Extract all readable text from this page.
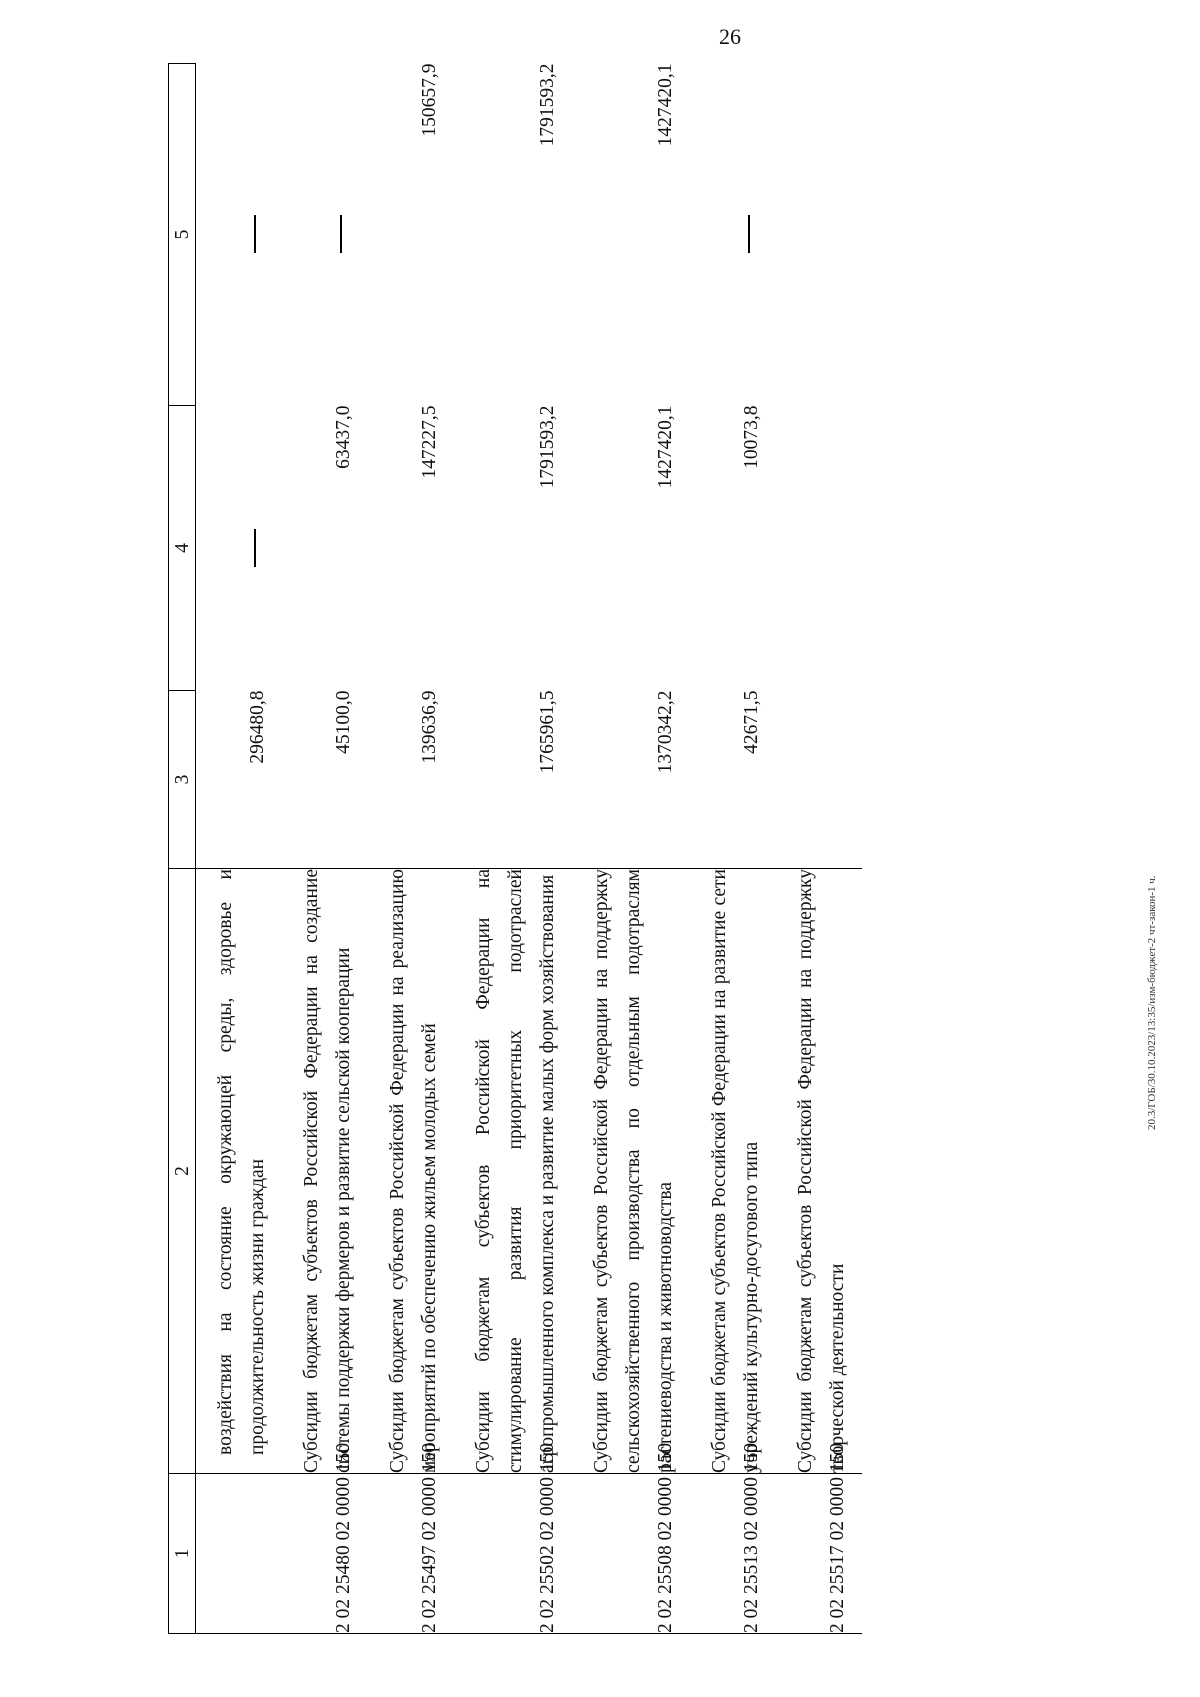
26
20.3/ГОБ/30.10.2023/13:35/изм-бюджет-2 чт-закон-1 ч.
1	2	3	4	5

	воздействия на состояние окружающей среды, здоровье и продолжительность жизни граждан	296480,8		
2 02 25480 02 0000 150	Субсидии бюджетам субъектов Российской Федерации на создание системы поддержки фермеров и развитие сельской кооперации	45100,0	63437,0	
2 02 25497 02 0000 150	Субсидии бюджетам субъектов Российской Федерации на реализацию мероприятий по обеспечению жильем молодых семей	139636,9	147227,5	150657,9
2 02 25502 02 0000 150	Субсидии бюджетам субъектов Российской Федерации на стимулирование развития приоритетных подотраслей агропромышленного комплекса и развитие малых форм хозяйствования	1765961,5	1791593,2	1791593,2
2 02 25508 02 0000 150	Субсидии бюджетам субъектов Российской Федерации на поддержку сельскохозяйственного производства по отдельным подотраслям растениеводства и животноводства	1370342,2	1427420,1	1427420,1
2 02 25513 02 0000 150	Субсидии бюджетам субъектов Российской Федерации на развитие сети учреждений культурно-досугового типа	42671,5	10073,8	
2 02 25517 02 0000 150	Субсидии бюджетам субъектов Российской Федерации на поддержку творческой деятельности			
